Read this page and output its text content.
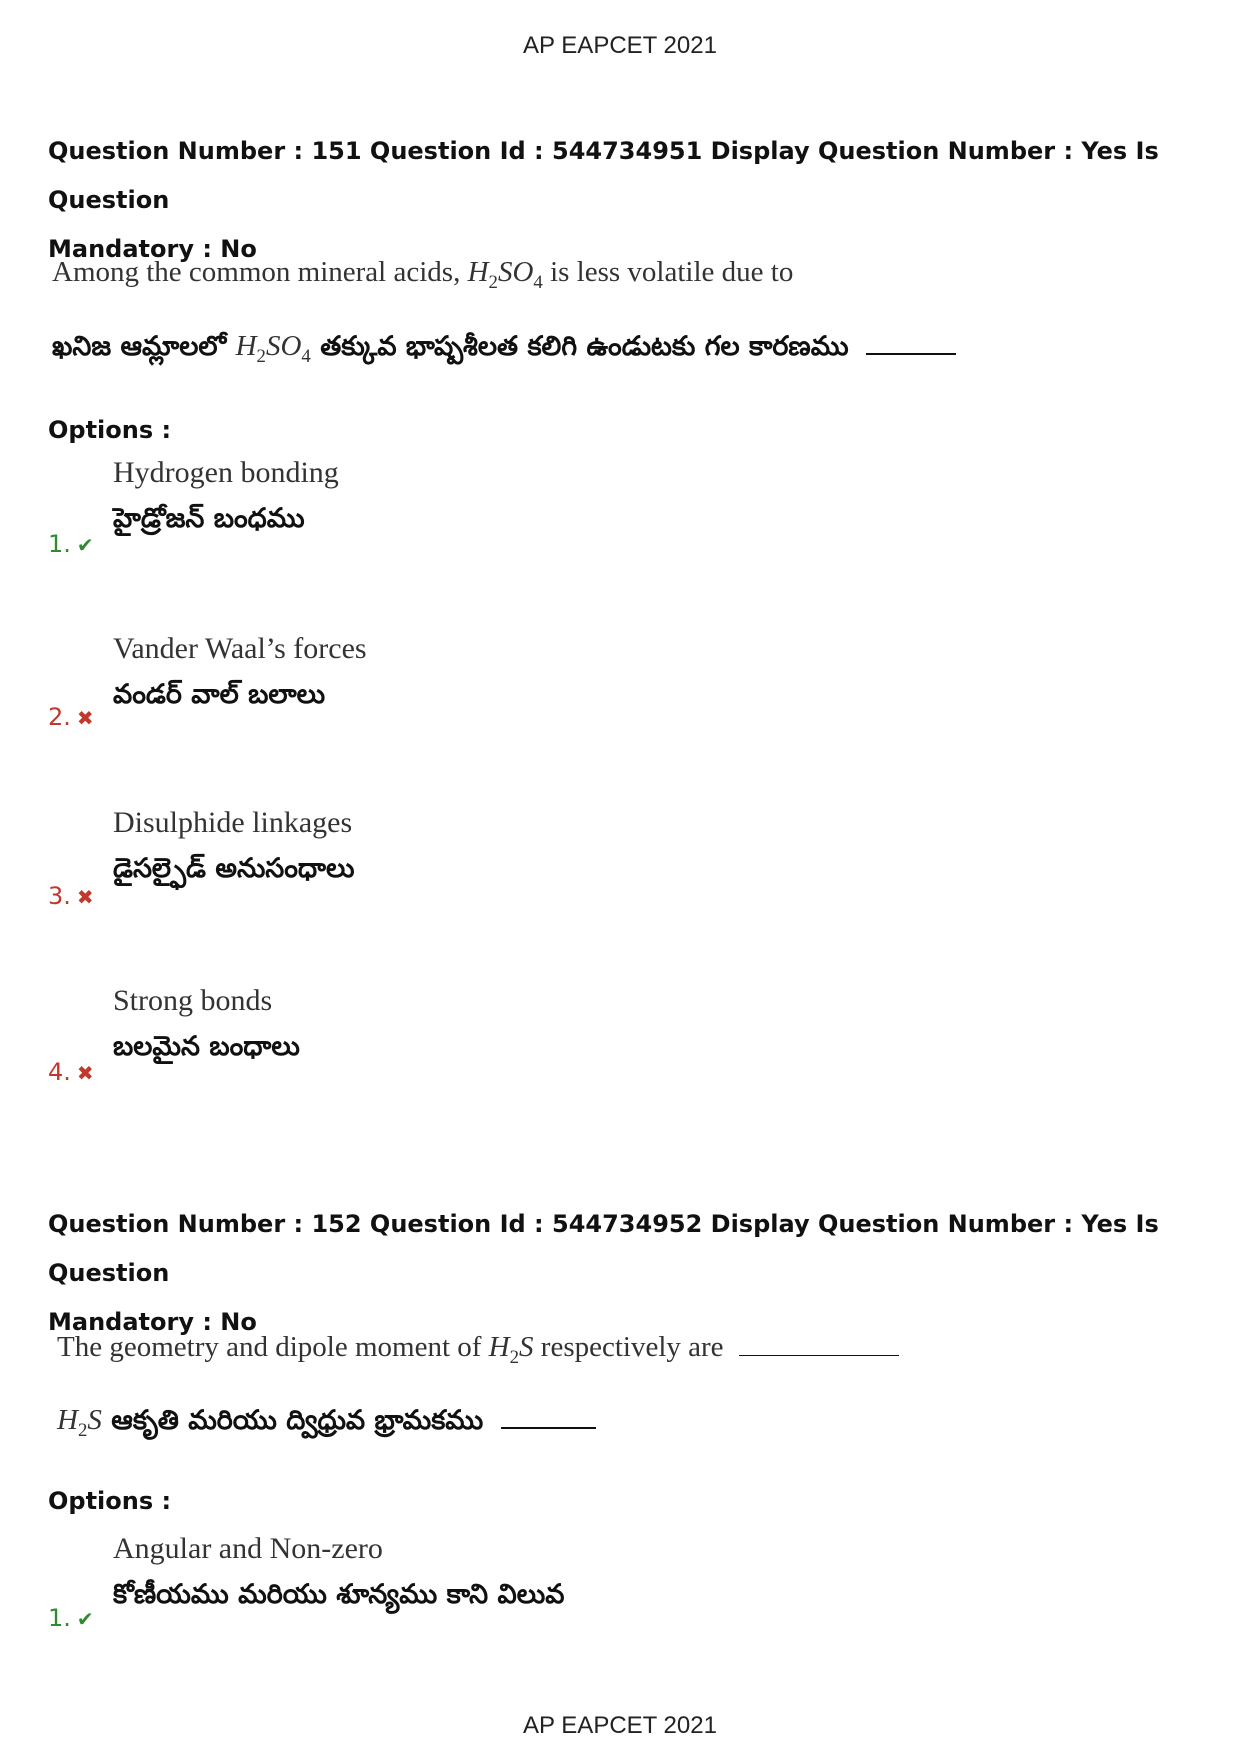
AP EAPCET 2021
Question Number : 151 Question Id : 544734951 Display Question Number : Yes Is Question
Mandatory : No
Among the common mineral acids, $H_2SO_4$ is less volatile due to
ఖనిజ ఆమ్లాలలో $H_2SO_4$ తక్కువ భాష్పశీలత కలిగి ఉండుటకు గల కారణము
Options :
Hydrogen bonding
హైడ్రోజన్ బంధము
1. ✔
Vander Waal’s forces
వండర్ వాల్ బలాలు
2. ✖
Disulphide linkages
డైసల్ఫైడ్ అనుసంధాలు
3. ✖
Strong bonds
బలమైన బంధాలు
4. ✖
Question Number : 152 Question Id : 544734952 Display Question Number : Yes Is Question
Mandatory : No
The geometry and dipole moment of $H_2S$ respectively are
$H_2S$ ఆకృతి మరియు ద్విధ్రువ భ్రామకము
Options :
Angular and Non-zero
కోణీయము మరియు శూన్యము కాని విలువ
1. ✔
AP EAPCET 2021
